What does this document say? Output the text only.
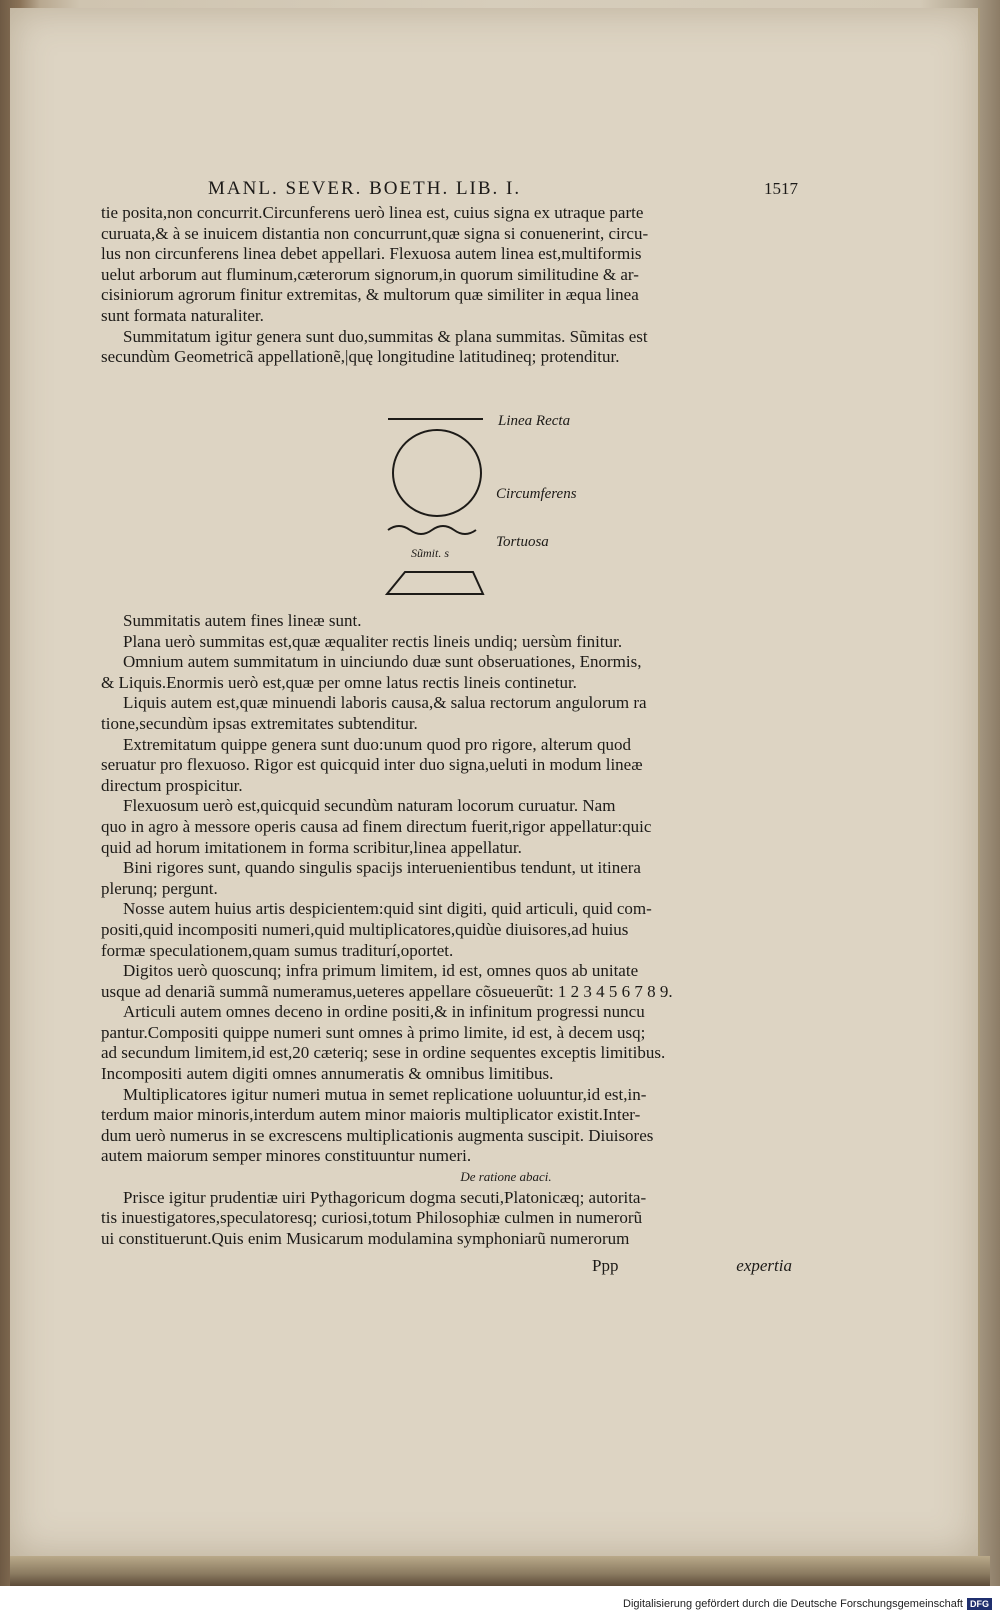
MANL. SEVER. BOETH. LIB. I.	1517
tie posita,non concurrit.Circunferens uerò linea est, cuius signa ex utraque parte
curuata,& à se inuicem distantia non concurrunt,quæ signa si conuenerint, circu-
lus non circunferens linea debet appellari. Flexuosa autem linea est,multiformis
uelut arborum aut fluminum,cæterorum signorum,in quorum similitudine & ar-
cisiniorum agrorum finitur extremitas, & multorum quæ similiter in æqua linea
sunt formata naturaliter.
Summitatum igitur genera sunt duo,summitas & plana summitas. Sũmitas est
secundùm Geometricã appellationẽ,|quę longitudine latitudineq; protenditur.
Linea Recta
Circumferens
Tortuosa
Sũmit. s
Summitatis autem fines lineæ sunt.
Plana uerò summitas est,quæ æqualiter rectis lineis undiq; uersùm finitur.
Omnium autem summitatum in uinciundo duæ sunt obseruationes, Enormis,
& Liquis.Enormis uerò est,quæ per omne latus rectis lineis continetur.
Liquis autem est,quæ minuendi laboris causa,& salua rectorum angulorum ra
tione,secundùm ipsas extremitates subtenditur.
Extremitatum quippe genera sunt duo:unum quod pro rigore, alterum quod
seruatur pro flexuoso. Rigor est quicquid inter duo signa,ueluti in modum lineæ
directum prospicitur.
Flexuosum uerò est,quicquid secundùm naturam locorum curuatur. Nam
quo in agro à messore operis causa ad finem directum fuerit,rigor appellatur:quic
quid ad horum imitationem in forma scribitur,linea appellatur.
Bini rigores sunt, quando singulis spacijs interuenientibus tendunt, ut itinera
plerunq; pergunt.
Nosse autem huius artis despicientem:quid sint digiti, quid articuli, quid com-
positi,quid incompositi numeri,quid multiplicatores,quidùe diuisores,ad huius
formæ speculationem,quam sumus traditurí,oportet.
Digitos uerò quoscunq; infra primum limitem, id est, omnes quos ab unitate
usque ad denariã summã numeramus,ueteres appellare cõsueuerũt: 1 2 3 4 5 6 7 8 9.
Articuli autem omnes deceno in ordine positi,& in infinitum progressi nuncu
pantur.Compositi quippe numeri sunt omnes à primo limite, id est, à decem usq;
ad secundum limitem,id est,20 cæteriq; sese in ordine sequentes exceptis limitibus.
Incompositi autem digiti omnes annumeratis & omnibus limitibus.
Multiplicatores igitur numeri mutua in semet replicatione uoluuntur,id est,in-
terdum maior minoris,interdum autem minor maioris multiplicator existit.Inter-
dum uerò numerus in se excrescens multiplicationis augmenta suscipit. Diuisores
autem maiorum semper minores constituuntur numeri.
De ratione abaci.
Prisce igitur prudentiæ uiri Pythagoricum dogma secuti,Platonicæq; autorita-
tis inuestigatores,speculatoresq; curiosi,totum Philosophiæ culmen in numerorũ
ui constituerunt.Quis enim Musicarum modulamina symphoniarũ numerorum
Ppp	expertia
Digitalisierung gefördert durch die Deutsche Forschungsgemeinschaft DFG
